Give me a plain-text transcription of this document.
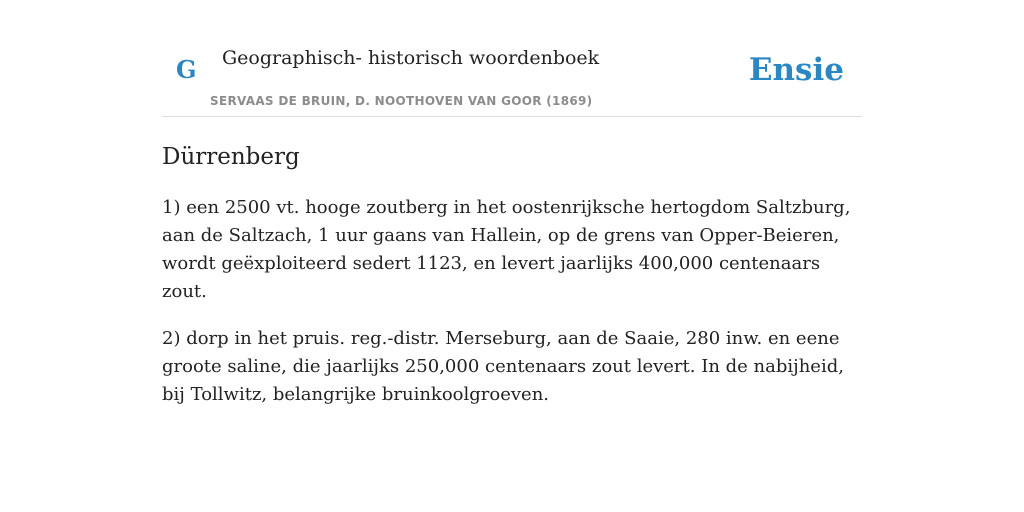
G Geographisch- historisch woordenboek
SERVAAS DE BRUIN, D. NOOTHOVEN VAN GOOR (1869)
Ensie
Dürrenberg

1) een 2500 vt. hooge zoutberg in het oostenrijksche hertogdom Saltzburg, aan de Saltzach, 1 uur gaans van Hallein, op de grens van Opper-Beieren, wordt geëxploiteerd sedert 1123, en levert jaarlijks 400,000 centenaars zout.

2) dorp in het pruis. reg.-distr. Merseburg, aan de Saaie, 280 inw. en eene groote saline, die jaarlijks 250,000 centenaars zout levert. In de nabijheid, bij Tollwitz, belangrijke bruinkoolgroeven.
